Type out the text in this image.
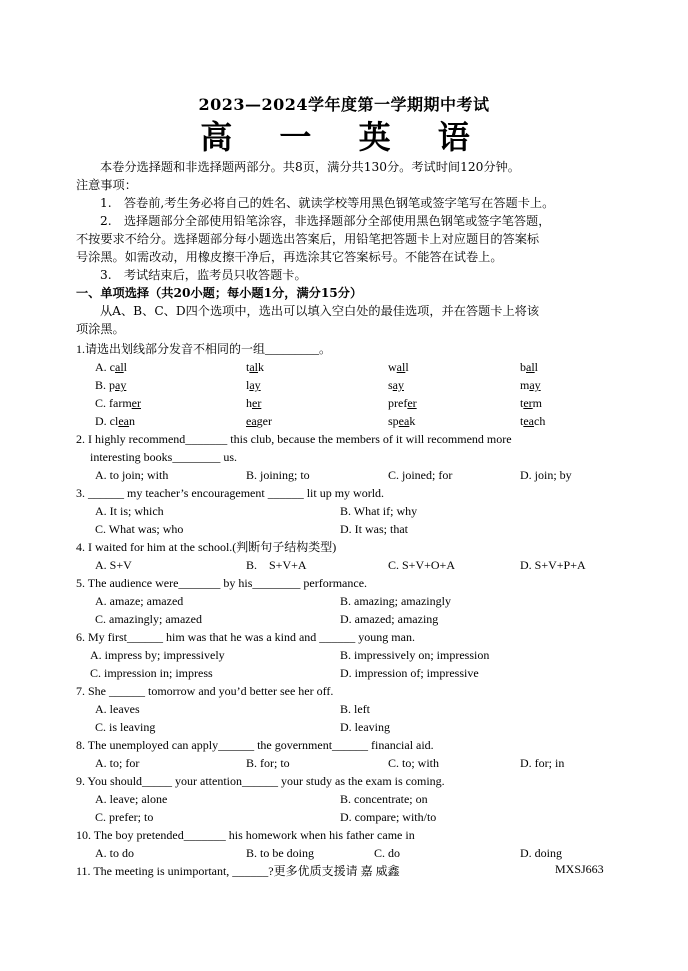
2023—2024学年度第一学期期中考试
高 一 英 语
本卷分选择题和非选择题两部分。共8页，满分共130分。考试时间120分钟。
注意事项：
1.　答卷前,考生务必将自己的姓名、就读学校等用黑色钢笔或签字笔写在答题卡上。
2.　选择题部分全部使用铅笔涂容，非选择题部分全部使用黑色钢笔或签字笔答题，
不按要求不给分。选择题部分每小题选出答案后，用铅笔把答题卡上对应题目的答案标
号涂黑。如需改动，用橡皮擦干净后，再选涂其它答案标号。不能答在试卷上。
3.　考试结束后，监考员只收答题卡。
一、单项选择（共20小题；每小题1分，满分15分）
从A、B、C、D四个选项中，选出可以填入空白处的最佳选项，并在答题卡上将该
项涂黑。
1.请选出划线部分发音不相同的一组_________。
A. call	talk	wall	ball
B. pay	lay	say	may
C. farmer	her	prefer	term
D. clean	eager	speak	teach
2. I highly recommend_______ this club, because the members of it will recommend more
interesting books________ us.
A. to join; with	B. joining; to	C. joined; for	D. join; by
3. ______ my teacher’s encouragement ______ lit up my world.
A. It is; which	B. What if; why
C. What was; who	D. It was; that
4. I waited for him at the school.(判断句子结构类型)
A. S+V	B.　S+V+A	C. S+V+O+A	D. S+V+P+A
5. The audience were_______ by his________ performance.
A. amaze; amazed	B. amazing; amazingly
C. amazingly; amazed	D. amazed; amazing
6. My first______ him was that he was a kind and ______ young man.
A. impress by; impressively	B. impressively on; impression
C. impression in; impress	D. impression of; impressive
7. She ______ tomorrow and you’d better see her off.
A. leaves	B. left
C. is leaving	D. leaving
8. The unemployed can apply______ the government______ financial aid.
A. to; for	B. for; to	C. to; with	D. for; in
9. You should_____ your attention______ your study as the exam is coming.
A. leave; alone	B. concentrate; on
C. prefer; to	D. compare; with/to
10. The boy pretended_______ his homework when his father came in
A. to do	B. to be doing	C. do	D. doing
11. The meeting is unimportant, ______?更多优质支援请 嘉 威鑫	MXSJ663
